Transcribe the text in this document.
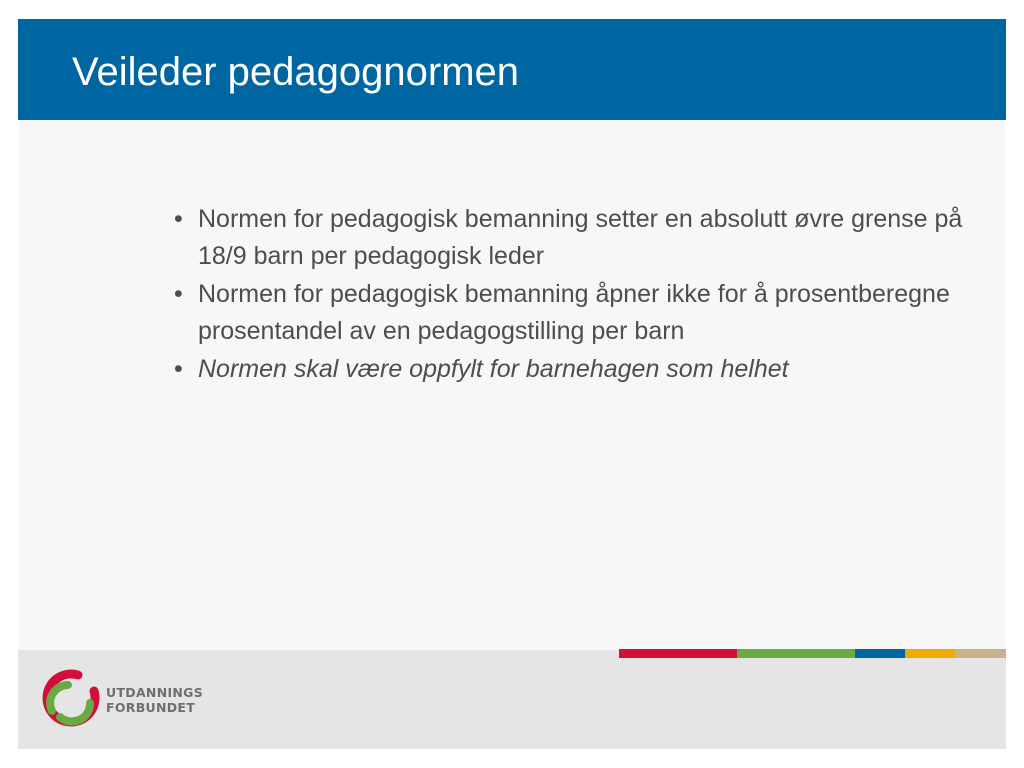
Veileder pedagognormen
• Normen for pedagogisk bemanning setter en absolutt øvre grense på 18/9 barn per pedagogisk leder
• Normen for pedagogisk bemanning åpner ikke for å prosentberegne prosentandel av en pedagogstilling per barn
• Normen skal være oppfylt for barnehagen som helhet
UTDANNINGS
FORBUNDET
